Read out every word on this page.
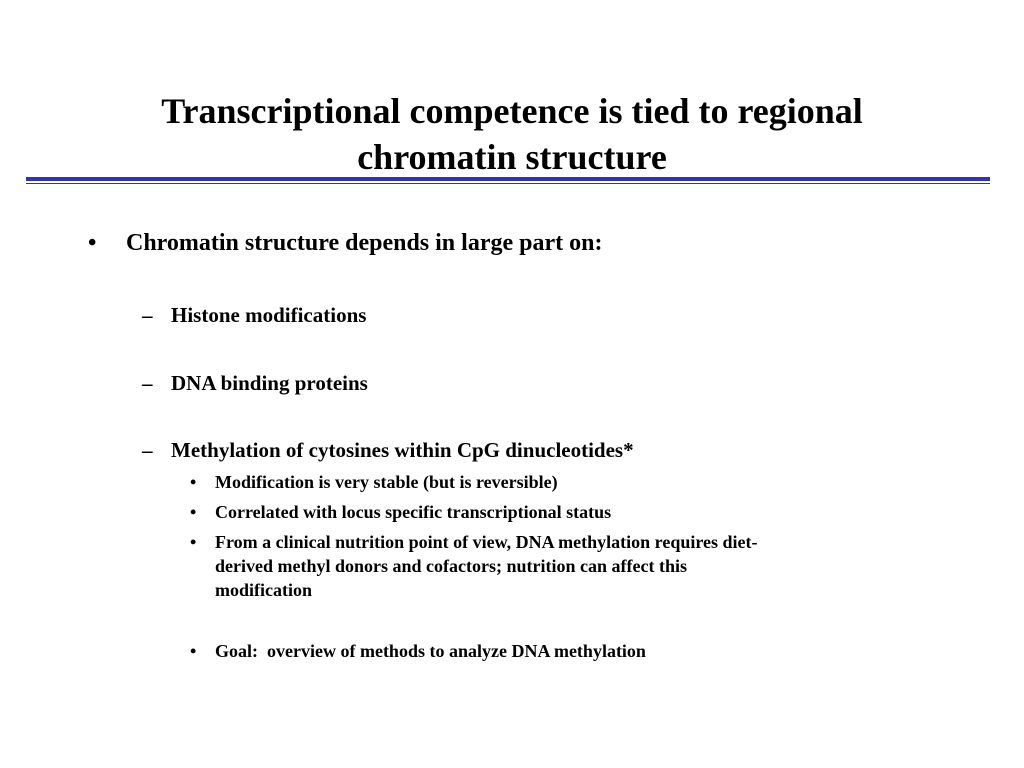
Transcriptional competence is tied to regional
chromatin structure
• Chromatin structure depends in large part on:
– Histone modifications
– DNA binding proteins
– Methylation of cytosines within CpG dinucleotides*
• Modification is very stable (but is reversible)
• Correlated with locus specific transcriptional status
• From a clinical nutrition point of view, DNA methylation requires diet-
derived methyl donors and cofactors; nutrition can affect this
modification
• Goal:  overview of methods to analyze DNA methylation
